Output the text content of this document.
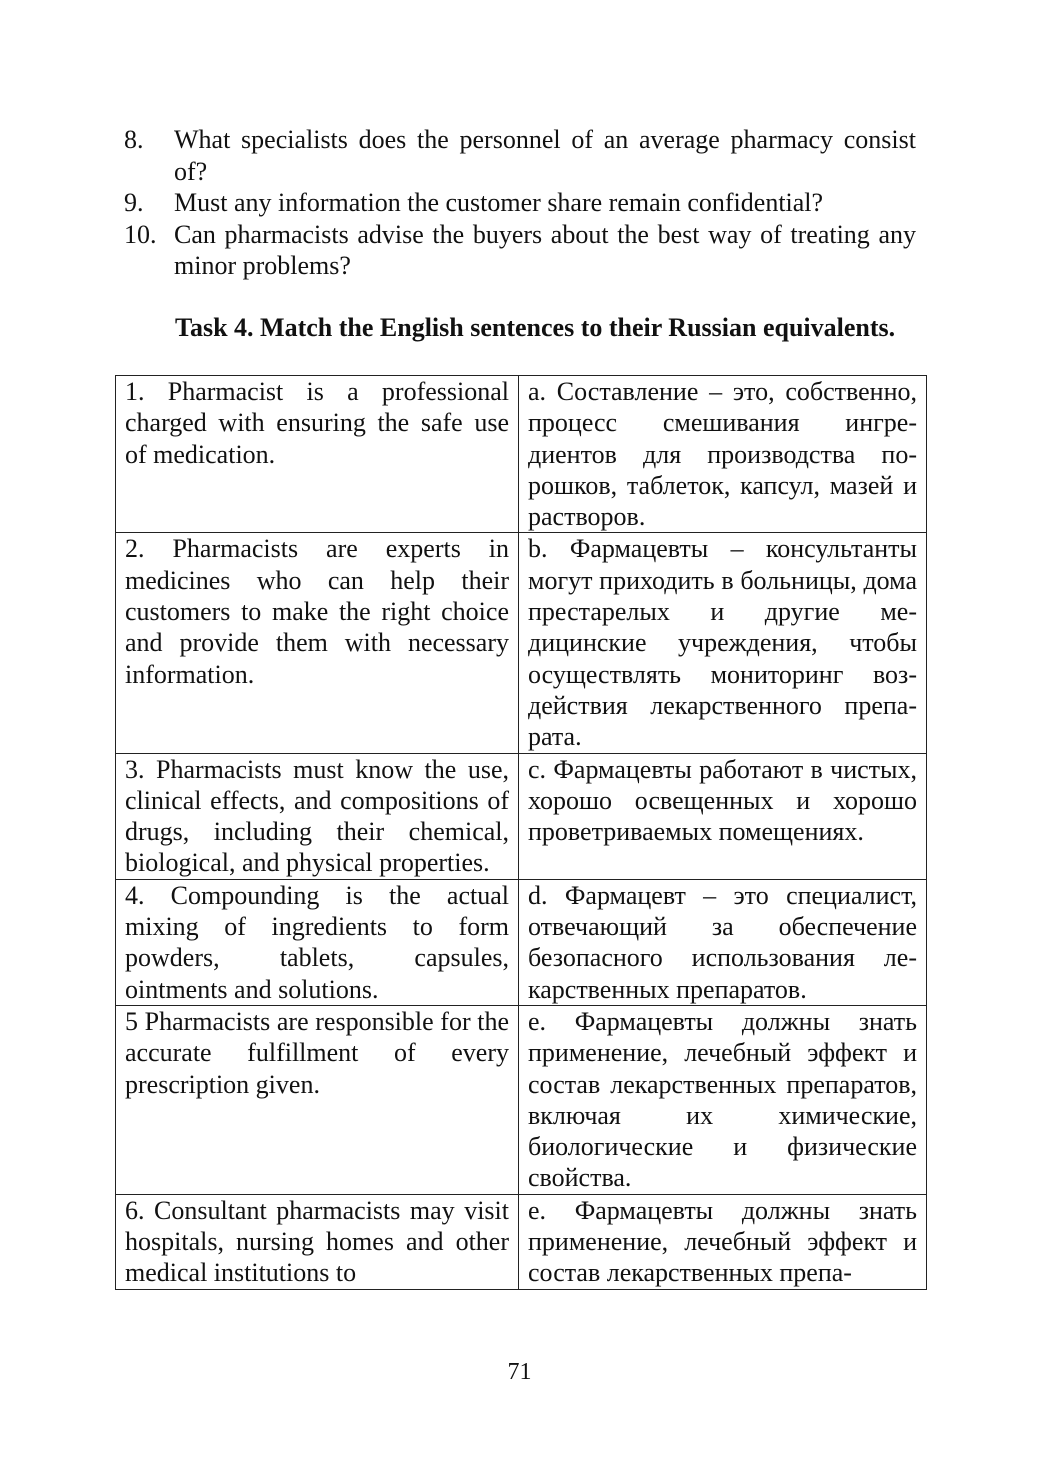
8.	What specialists does the personnel of an average pharmacy consist of?
9.	Must any information the customer share remain confidential?
10. Can pharmacists advise the buyers about the best way of treating any minor problems?

Task 4. Match the English sentences to their Russian equivalents.

1. Pharmacist is a professional charged with ensuring the safe use of medication.	a. Составление – это, собственно, процесс смешивания ингредиентов для производства порошков, таблеток, капсул, мазей и растворов.
2. Pharmacists are experts in medicines who can help their customers to make the right choice and provide them with necessary information.	b. Фармацевты – консультанты могут приходить в больницы, дома престарелых и другие медицинские учреждения, чтобы осуществлять мониторинг воздействия лекарственного препарата.
3. Pharmacists must know the use, clinical effects, and compositions of drugs, including their chemical, biological, and physical properties.	c. Фармацевты работают в чистых, хорошо освещенных и хорошо проветриваемых помещениях.
4. Compounding is the actual mixing of ingredients to form powders, tablets, capsules, ointments and solutions.	d. Фармацевт – это специалист, отвечающий за обеспечение безопасного использования лекарственных препаратов.
5 Pharmacists are responsible for the accurate fulfillment of every prescription given.	e. Фармацевты должны знать применение, лечебный эффект и состав лекарственных препаратов, включая их химические, биологические и физические свойства.

6. Consultant pharmacists may visit hospitals, nursing homes and other medical institutions to	e. Фармацевты должны знать применение, лечебный эффект и состав лекарственных препа-
71
